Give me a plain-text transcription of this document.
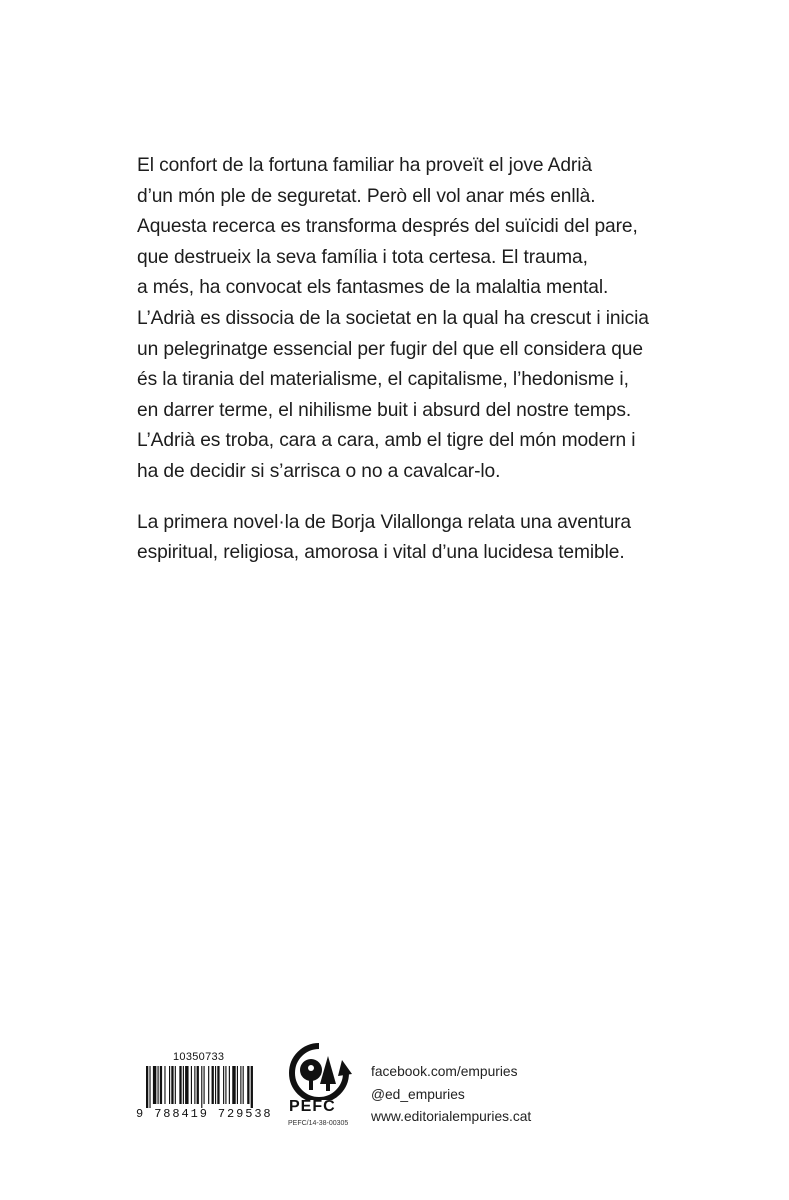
El confort de la fortuna familiar ha proveït el jove Adrià
d’un món ple de seguretat. Però ell vol anar més enllà.
Aquesta recerca es transforma després del suïcidi del pare,
que destrueix la seva família i tota certesa. El trauma,
a més, ha convocat els fantasmes de la malaltia mental.
L’Adrià es dissocia de la societat en la qual ha crescut i inicia
un pelegrinatge essencial per fugir del que ell considera que
és la tirania del materialisme, el capitalisme, l’hedonisme i,
en darrer terme, el nihilisme buit i absurd del nostre temps.
L’Adrià es troba, cara a cara, amb el tigre del món modern i
ha de decidir si s’arrisca o no a cavalcar-lo.

La primera novel·la de Borja Vilallonga relata una aventura
espiritual, religiosa, amorosa i vital d’una lucidesa temible.

10350733
9 788419 729538 PEFC
PEFC/14-38-00305
facebook.com/empuries
@ed_empuries
www.editorialempuries.cat
